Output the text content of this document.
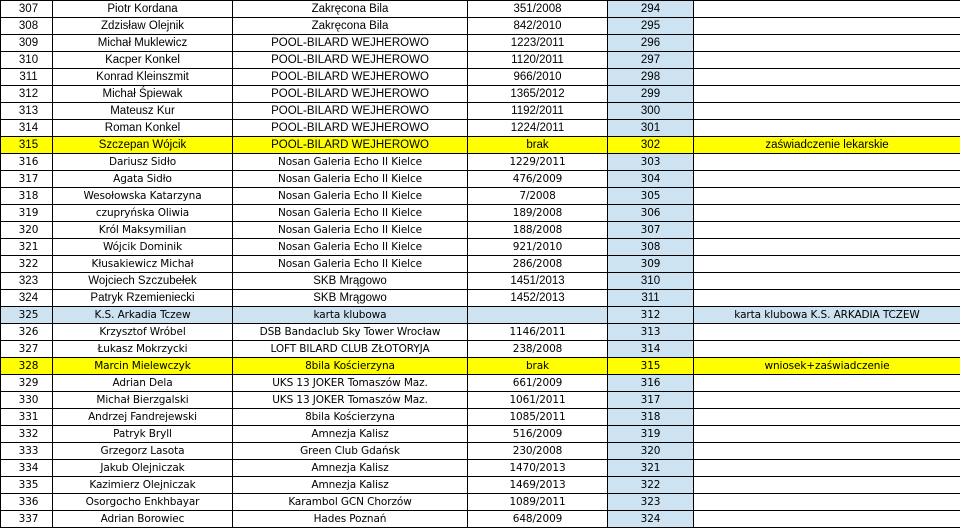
307	Piotr Kordana	Zakręcona Bila	351/2008	294	
308	Zdzisław Olejnik	Zakręcona Bila	842/2010	295	
309	Michał Muklewicz	POOL-BILARD WEJHEROWO	1223/2011	296	
310	Kacper Konkel	POOL-BILARD WEJHEROWO	1120/2011	297	
311	Konrad Kleinszmit	POOL-BILARD WEJHEROWO	966/2010	298	
312	Michał Śpiewak	POOL-BILARD WEJHEROWO	1365/2012	299	
313	Mateusz Kur	POOL-BILARD WEJHEROWO	1192/2011	300	
314	Roman Konkel	POOL-BILARD WEJHEROWO	1224/2011	301	
315	Szczepan Wójcik	POOL-BILARD WEJHEROWO	brak	302	zaświadczenie lekarskie
316	Dariusz Sidło	Nosan Galeria Echo II Kielce	1229/2011	303	
317	Agata Sidło	Nosan Galeria Echo II Kielce	476/2009	304	
318	Wesołowska Katarzyna	Nosan Galeria Echo II Kielce	7/2008	305	
319	czupryńska Oliwia	Nosan Galeria Echo II Kielce	189/2008	306	
320	Król Maksymilian	Nosan Galeria Echo II Kielce	188/2008	307	
321	Wójcik Dominik	Nosan Galeria Echo II Kielce	921/2010	308	
322	Kłusakiewicz Michał	Nosan Galeria Echo II Kielce	286/2008	309	
323	Wojciech Szczubełek	SKB Mrągowo	1451/2013	310	
324	Patryk Rzemieniecki	SKB Mrągowo	1452/2013	311	
325	K.S. Arkadia Tczew	karta klubowa		312	karta klubowa K.S. ARKADIA TCZEW
326	Krzysztof Wróbel	DSB Bandaclub Sky Tower Wrocław	1146/2011	313	
327	Łukasz Mokrzycki	LOFT BILARD CLUB ZŁOTORYJA	238/2008	314	
328	Marcin Mielewczyk	8bila Kościerzyna	brak	315	wniosek+zaświadczenie
329	Adrian Dela	UKS 13 JOKER Tomaszów Maz.	661/2009	316	
330	Michał Bierzgalski	UKS 13 JOKER Tomaszów Maz.	1061/2011	317	
331	Andrzej Fandrejewski	8bila Kościerzyna	1085/2011	318	
332	Patryk Bryll	Amnezja Kalisz	516/2009	319	
333	Grzegorz Lasota	Green Club Gdańsk	230/2008	320	
334	Jakub Olejniczak	Amnezja Kalisz	1470/2013	321	
335	Kazimierz Olejniczak	Amnezja Kalisz	1469/2013	322	
336	Osorgocho Enkhbayar	Karambol GCN Chorzów	1089/2011	323	
337	Adrian Borowiec	Hades Poznań	648/2009	324	
